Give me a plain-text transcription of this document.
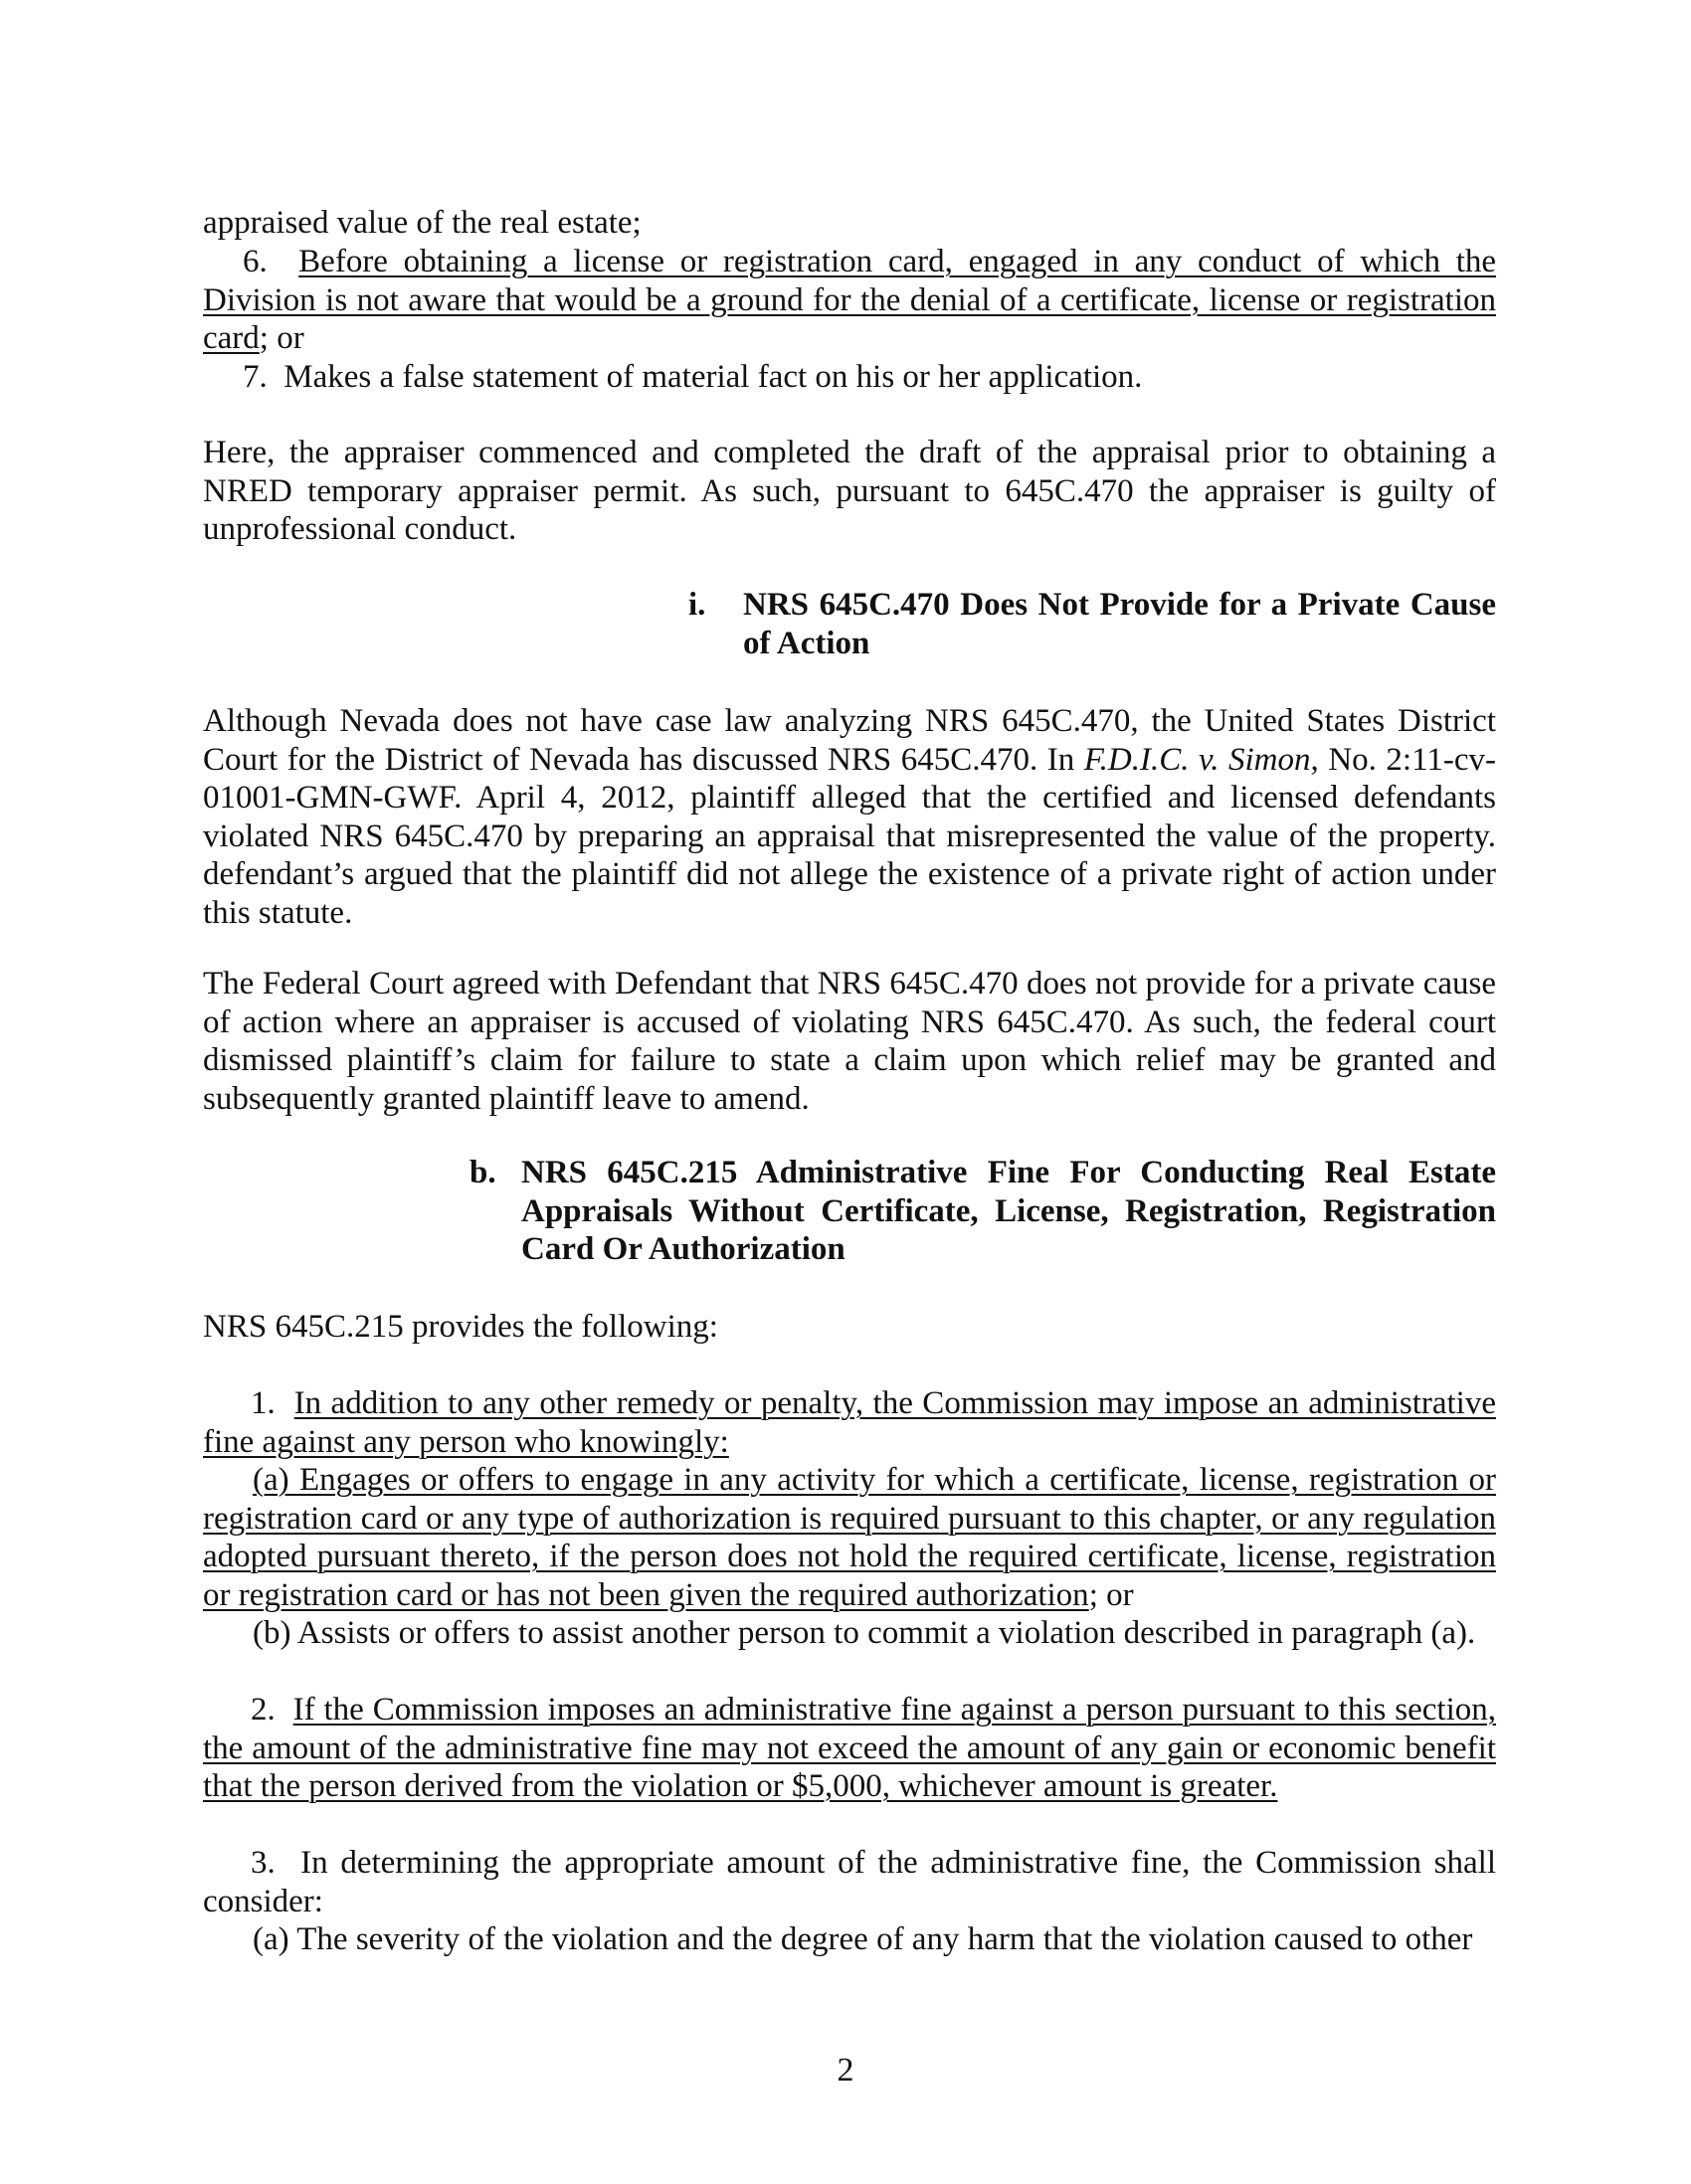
appraised value of the real estate;

6. Before obtaining a license or registration card, engaged in any conduct of which the Division is not aware that would be a ground for the denial of a certificate, license or registration card; or

7. Makes a false statement of material fact on his or her application.

Here, the appraiser commenced and completed the draft of the appraisal prior to obtaining a NRED temporary appraiser permit. As such, pursuant to 645C.470 the appraiser is guilty of unprofessional conduct.

i. NRS 645C.470 Does Not Provide for a Private Cause of Action

Although Nevada does not have case law analyzing NRS 645C.470, the United States District Court for the District of Nevada has discussed NRS 645C.470. In F.D.I.C. v. Simon, No. 2:11-cv-01001-GMN-GWF. April 4, 2012, plaintiff alleged that the certified and licensed defendants violated NRS 645C.470 by preparing an appraisal that misrepresented the value of the property. defendant’s argued that the plaintiff did not allege the existence of a private right of action under this statute.

The Federal Court agreed with Defendant that NRS 645C.470 does not provide for a private cause of action where an appraiser is accused of violating NRS 645C.470. As such, the federal court dismissed plaintiff’s claim for failure to state a claim upon which relief may be granted and subsequently granted plaintiff leave to amend.

b. NRS 645C.215 Administrative Fine For Conducting Real Estate Appraisals Without Certificate, License, Registration, Registration Card Or Authorization

NRS 645C.215 provides the following:

1. In addition to any other remedy or penalty, the Commission may impose an administrative fine against any person who knowingly:

(a) Engages or offers to engage in any activity for which a certificate, license, registration or registration card or any type of authorization is required pursuant to this chapter, or any regulation adopted pursuant thereto, if the person does not hold the required certificate, license, registration or registration card or has not been given the required authorization; or

(b) Assists or offers to assist another person to commit a violation described in paragraph (a).

2. If the Commission imposes an administrative fine against a person pursuant to this section, the amount of the administrative fine may not exceed the amount of any gain or economic benefit that the person derived from the violation or $5,000, whichever amount is greater.

3. In determining the appropriate amount of the administrative fine, the Commission shall consider:

(a) The severity of the violation and the degree of any harm that the violation caused to other

2
